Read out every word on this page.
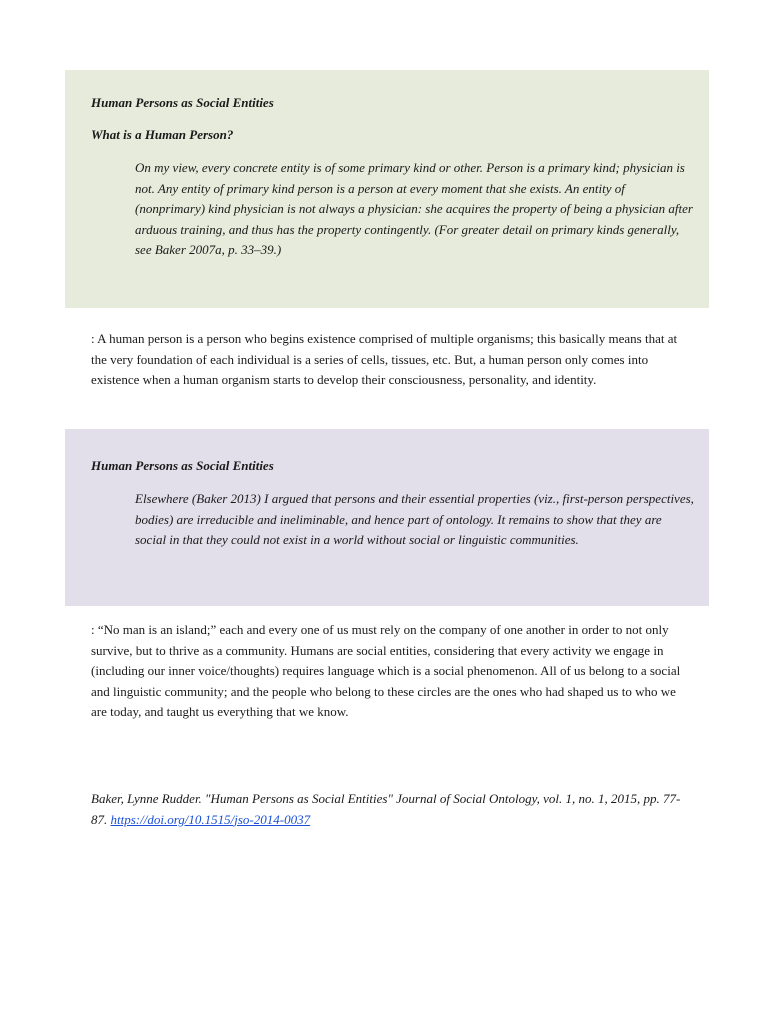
Human Persons as Social Entities

What is a Human Person?

On my view, every concrete entity is of some primary kind or other. Person is a primary kind; physician is not. Any entity of primary kind person is a person at every moment that she exists. An entity of (nonprimary) kind physician is not always a physician: she acquires the property of being a physician after arduous training, and thus has the property contingently. (For greater detail on primary kinds generally, see Baker 2007a, p. 33–39.)

: A human person is a person who begins existence comprised of multiple organisms; this basically means that at the very foundation of each individual is a series of cells, tissues, etc. But, a human person only comes into existence when a human organism starts to develop their consciousness, personality, and identity.

Human Persons as Social Entities

Elsewhere (Baker 2013) I argued that persons and their essential properties (viz., first-person perspectives, bodies) are irreducible and ineliminable, and hence part of ontology. It remains to show that they are social in that they could not exist in a world without social or linguistic communities.

: “No man is an island;” each and every one of us must rely on the company of one another in order to not only survive, but to thrive as a community. Humans are social entities, considering that every activity we engage in (including our inner voice/thoughts) requires language which is a social phenomenon. All of us belong to a social and linguistic community; and the people who belong to these circles are the ones who had shaped us to who we are today, and taught us everything that we know.

Baker, Lynne Rudder. "Human Persons as Social Entities" Journal of Social Ontology, vol. 1, no. 1, 2015, pp. 77-87. https://doi.org/10.1515/jso-2014-0037
